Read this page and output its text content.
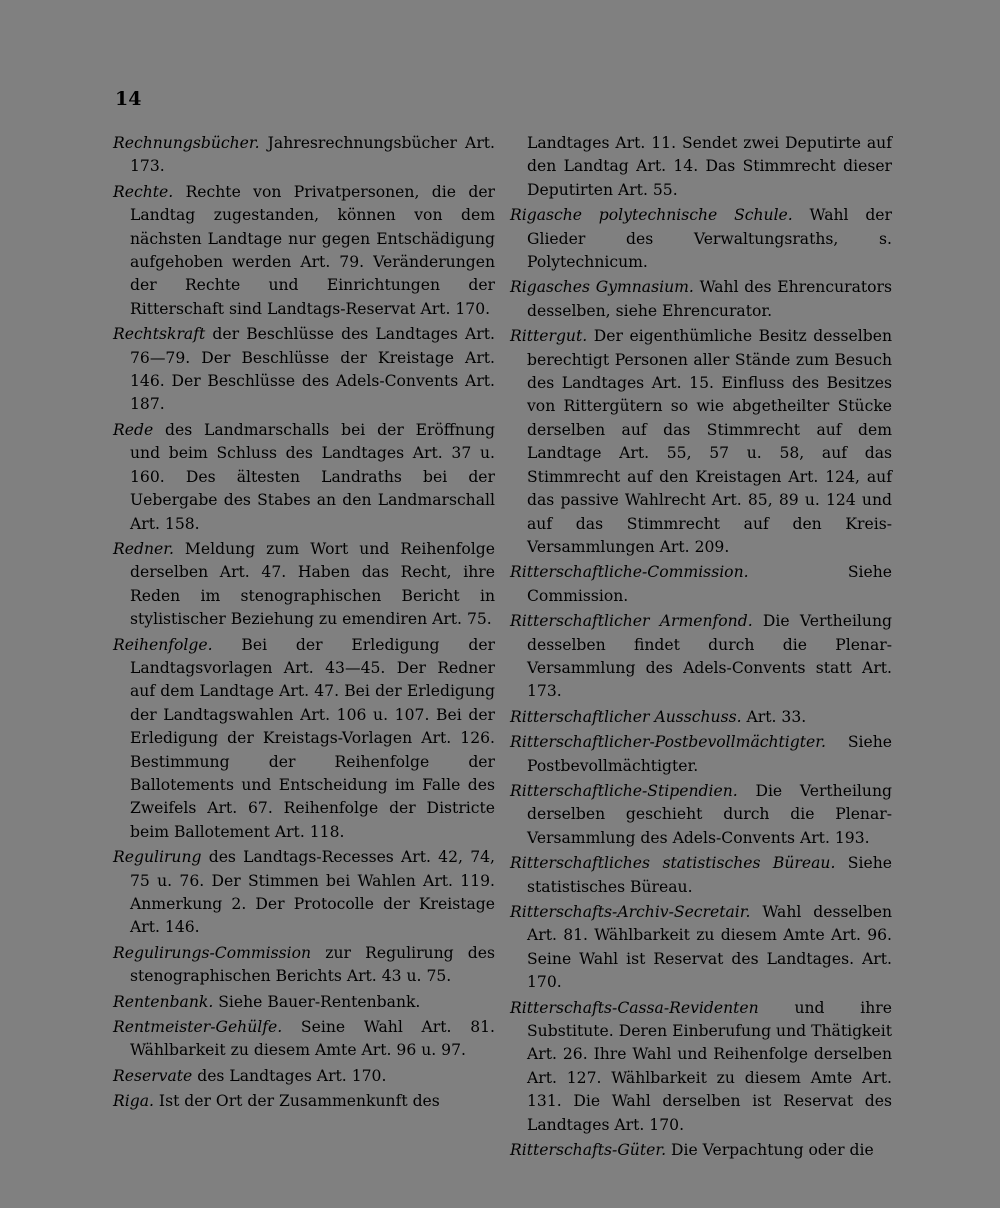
14

Rechnungsbücher. Jahresrechnungsbücher Art. 173.

Rechte. Rechte von Privatpersonen, die der Landtag zugestanden, können von dem nächsten Landtage nur gegen Entschädigung aufgehoben werden Art. 79. Veränderungen der Rechte und Einrichtungen der Ritterschaft sind Landtags-Reservat Art. 170.

Rechtskraft der Beschlüsse des Landtages Art. 76—79. Der Beschlüsse der Kreistage Art. 146. Der Beschlüsse des Adels-Convents Art. 187.

Rede des Landmarschalls bei der Eröffnung und beim Schluss des Landtages Art. 37 u. 160. Des ältesten Landraths bei der Uebergabe des Stabes an den Landmarschall Art. 158.

Redner. Meldung zum Wort und Reihenfolge derselben Art. 47. Haben das Recht, ihre Reden im stenographischen Bericht in stylistischer Beziehung zu emendiren Art. 75.

Reihenfolge. Bei der Erledigung der Landtagsvorlagen Art. 43—45. Der Redner auf dem Landtage Art. 47. Bei der Erledigung der Landtagswahlen Art. 106 u. 107. Bei der Erledigung der Kreistags-Vorlagen Art. 126. Bestimmung der Reihenfolge der Ballotements und Entscheidung im Falle des Zweifels Art. 67. Reihenfolge der Districte beim Ballotement Art. 118.

Regulirung des Landtags-Recesses Art. 42, 74, 75 u. 76. Der Stimmen bei Wahlen Art. 119. Anmerkung 2. Der Protocolle der Kreistage Art. 146.

Regulirungs-Commission zur Regulirung des stenographischen Berichts Art. 43 u. 75.

Rentenbank. Siehe Bauer-Rentenbank.

Rentmeister-Gehülfe. Seine Wahl Art. 81. Wählbarkeit zu diesem Amte Art. 96 u. 97.

Reservate des Landtages Art. 170.

Riga. Ist der Ort der Zusammenkunft des

Landtages Art. 11. Sendet zwei Deputirte auf den Landtag Art. 14. Das Stimmrecht dieser Deputirten Art. 55.

Rigasche polytechnische Schule. Wahl der Glieder des Verwaltungsraths, s. Polytechnicum.

Rigasches Gymnasium. Wahl des Ehrencurators desselben, siehe Ehrencurator.

Rittergut. Der eigenthümliche Besitz desselben berechtigt Personen aller Stände zum Besuch des Landtages Art. 15. Einfluss des Besitzes von Rittergütern so wie abgetheilter Stücke derselben auf das Stimmrecht auf dem Landtage Art. 55, 57 u. 58, auf das Stimmrecht auf den Kreistagen Art. 124, auf das passive Wahlrecht Art. 85, 89 u. 124 und auf das Stimmrecht auf den Kreis-Versammlungen Art. 209.

Ritterschaftliche-Commission. Siehe Commission.

Ritterschaftlicher Armenfond. Die Vertheilung desselben findet durch die Plenar-Versammlung des Adels-Convents statt Art. 173.

Ritterschaftlicher Ausschuss. Art. 33.

Ritterschaftlicher-Postbevollmächtigter. Siehe Postbevollmächtigter.

Ritterschaftliche-Stipendien. Die Vertheilung derselben geschieht durch die Plenar-Versammlung des Adels-Convents Art. 193.

Ritterschaftliches statistisches Büreau. Siehe statistisches Büreau.

Ritterschafts-Archiv-Secretair. Wahl desselben Art. 81. Wählbarkeit zu diesem Amte Art. 96. Seine Wahl ist Reservat des Landtages. Art. 170.

Ritterschafts-Cassa-Revidenten und ihre Substitute. Deren Einberufung und Thätigkeit Art. 26. Ihre Wahl und Reihenfolge derselben Art. 127. Wählbarkeit zu diesem Amte Art. 131. Die Wahl derselben ist Reservat des Landtages Art. 170.

Ritterschafts-Güter. Die Verpachtung oder die
